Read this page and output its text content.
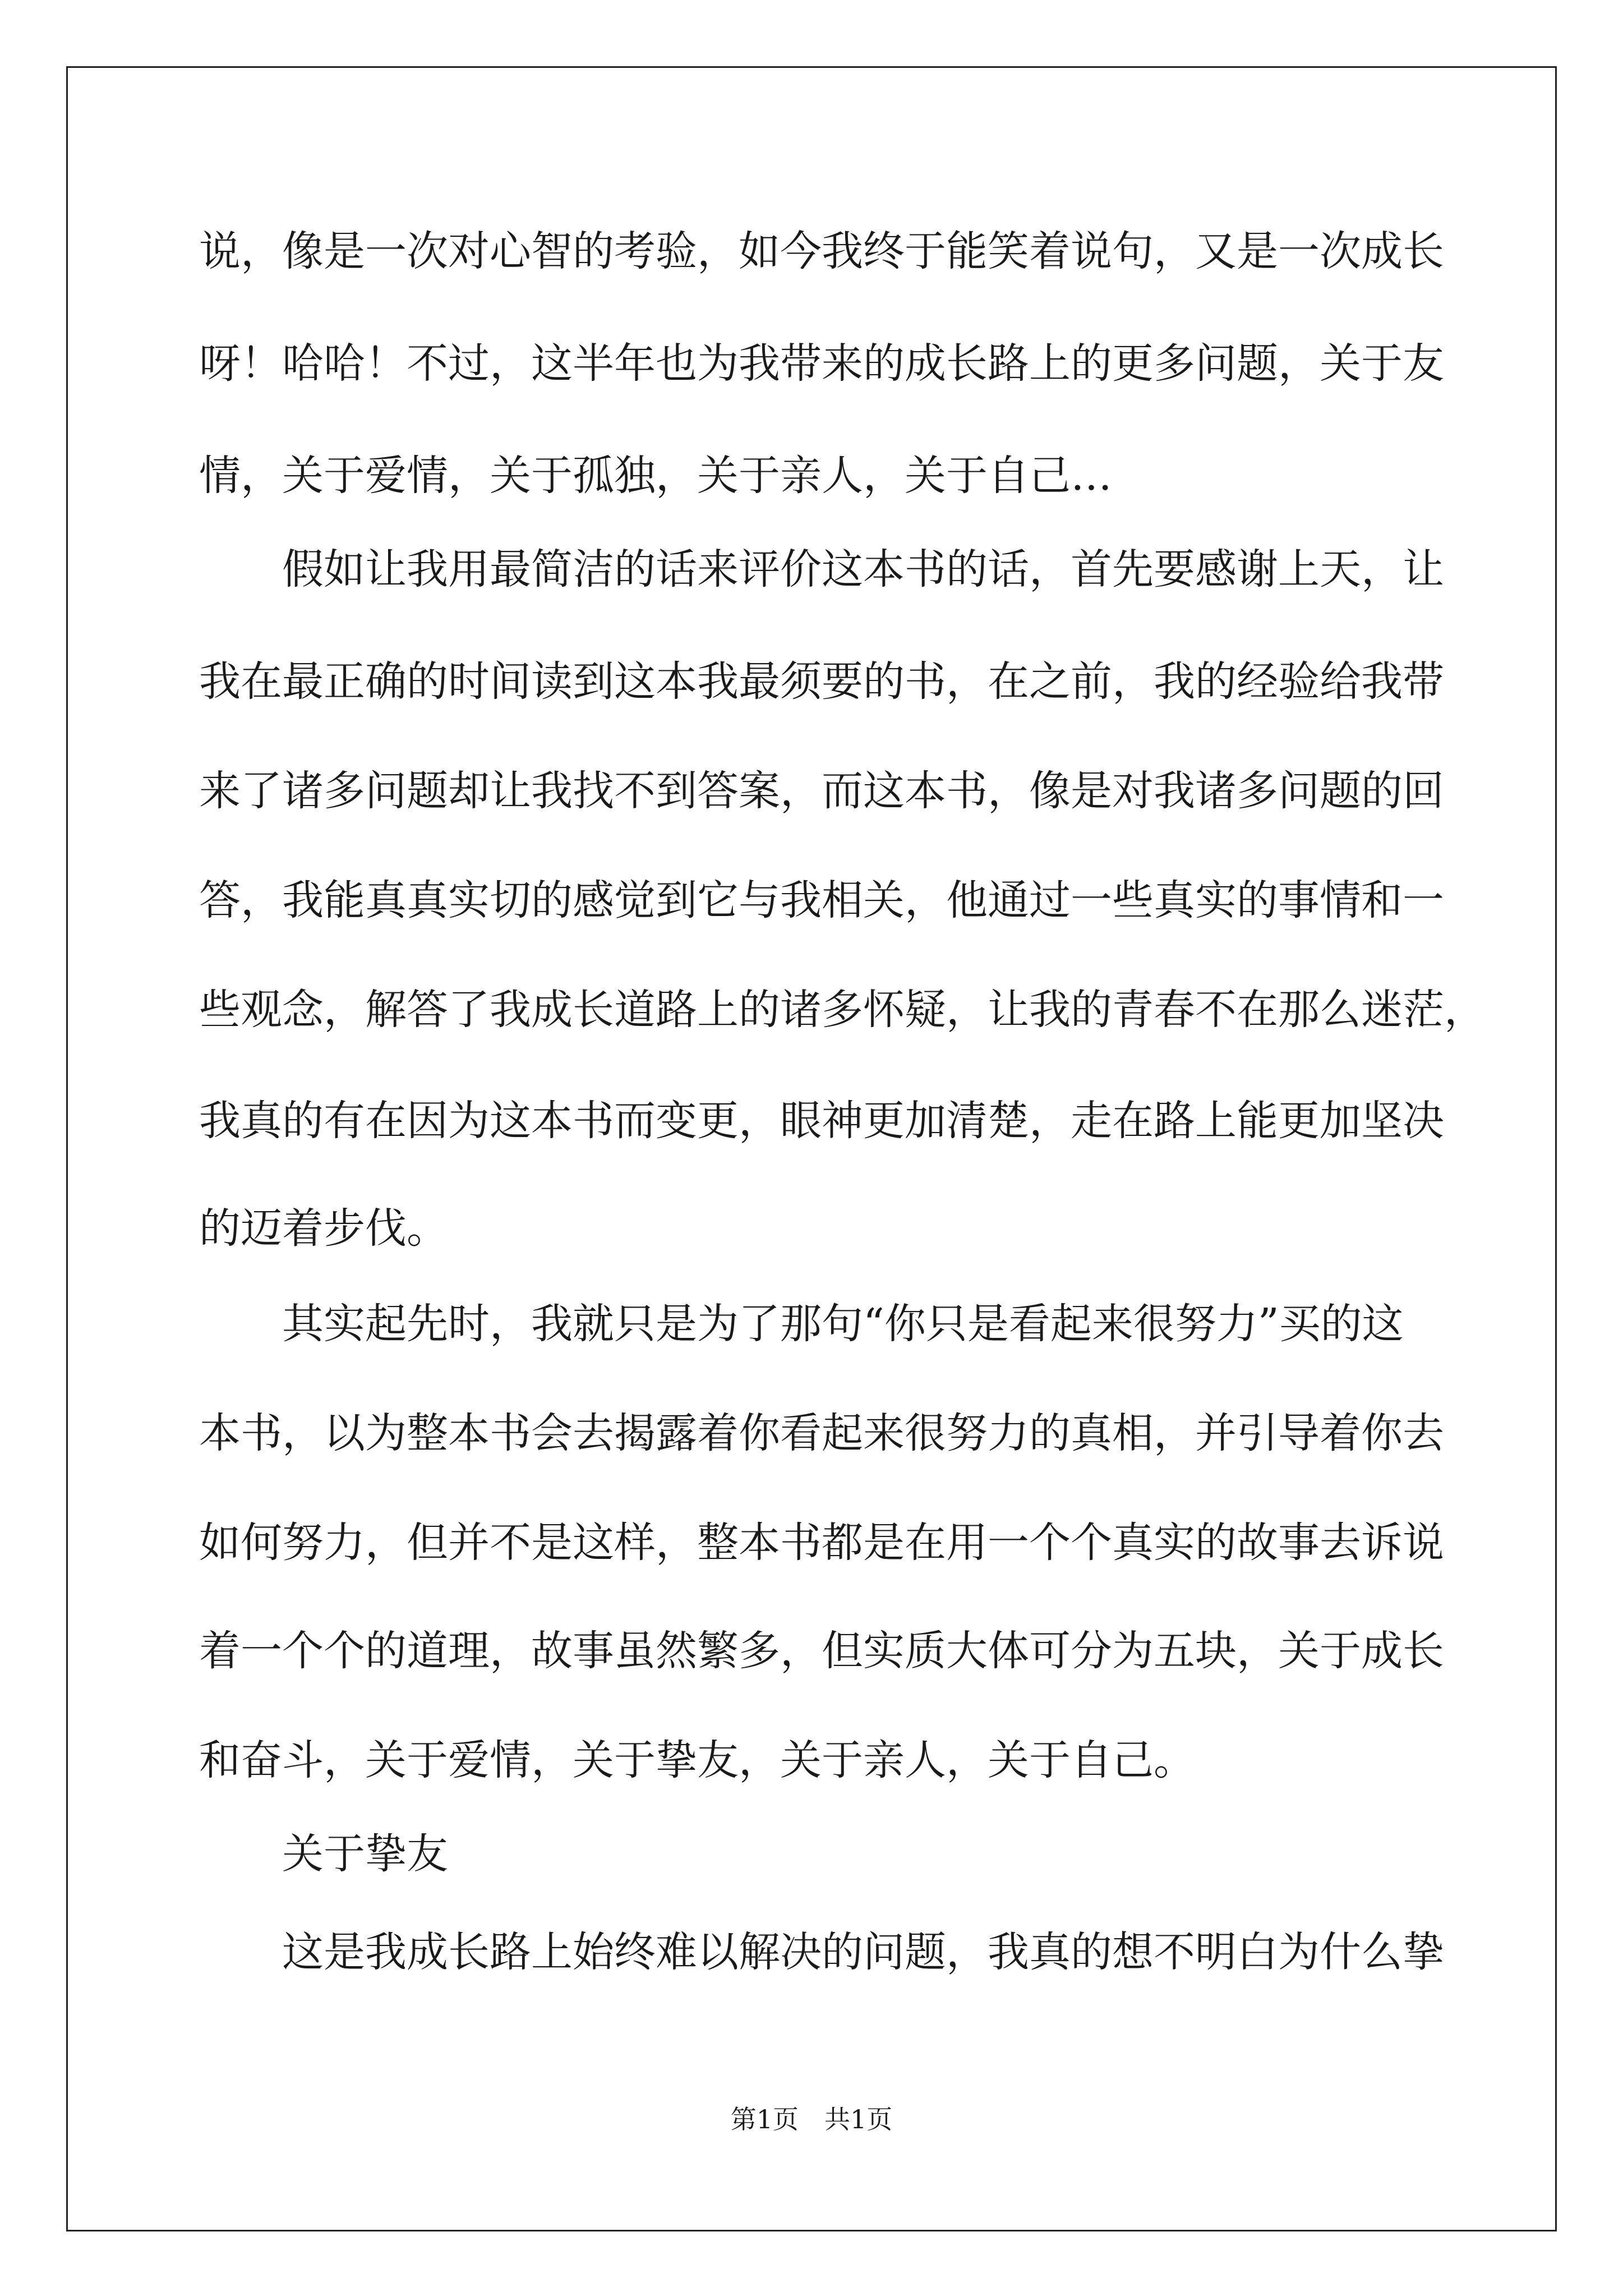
说，像是一次对心智的考验，如今我终于能笑着说句，又是一次成长
呀！哈哈！不过，这半年也为我带来的成长路上的更多问题，关于友
情，关于爱情，关于孤独，关于亲人，关于自己…
假如让我用最简洁的话来评价这本书的话，首先要感谢上天，让
我在最正确的时间读到这本我最须要的书，在之前，我的经验给我带
来了诸多问题却让我找不到答案，而这本书，像是对我诸多问题的回
答，我能真真实切的感觉到它与我相关，他通过一些真实的事情和一
些观念，解答了我成长道路上的诸多怀疑，让我的青春不在那么迷茫，
我真的有在因为这本书而变更，眼神更加清楚，走在路上能更加坚决
的迈着步伐。
其实起先时，我就只是为了那句“你只是看起来很努力”买的这
本书，以为整本书会去揭露着你看起来很努力的真相，并引导着你去
如何努力，但并不是这样，整本书都是在用一个个真实的故事去诉说
着一个个的道理，故事虽然繁多，但实质大体可分为五块，关于成长
和奋斗，关于爱情，关于挚友，关于亲人，关于自己。
关于挚友
这是我成长路上始终难以解决的问题，我真的想不明白为什么挚
第1页　共1页
